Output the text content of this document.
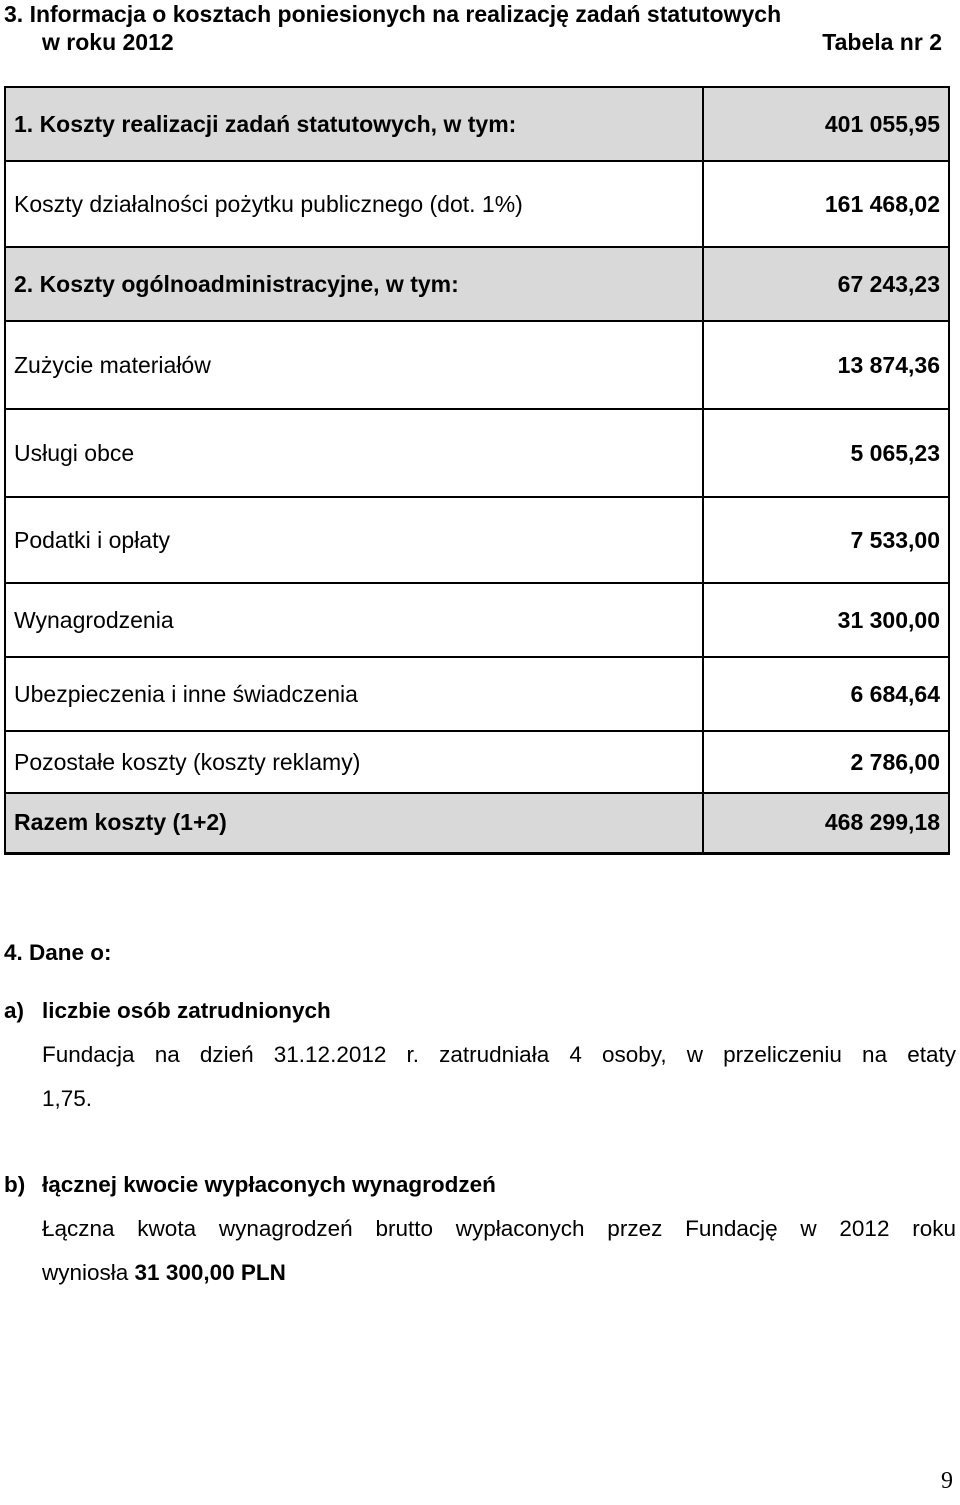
3. Informacja o kosztach poniesionych na realizację zadań statutowych
w roku 2012	Tabela nr 2
1. Koszty realizacji zadań statutowych, w tym:	401 055,95
Koszty działalności pożytku publicznego (dot. 1%)	161 468,02
2. Koszty ogólnoadministracyjne, w tym:	67 243,23
Zużycie materiałów	13 874,36
Usługi obce	5 065,23
Podatki i opłaty	7 533,00
Wynagrodzenia	31 300,00
Ubezpieczenia i inne świadczenia	6 684,64
Pozostałe koszty (koszty reklamy)	2 786,00
Razem koszty (1+2)	468 299,18
4. Dane o:
a) liczbie osób zatrudnionych
Fundacja na dzień 31.12.2012 r. zatrudniała 4 osoby, w przeliczeniu na etaty
1,75.
b) łącznej kwocie wypłaconych wynagrodzeń
Łączna kwota wynagrodzeń brutto wypłaconych przez Fundację w 2012 roku
wyniosła 31 300,00 PLN
9
